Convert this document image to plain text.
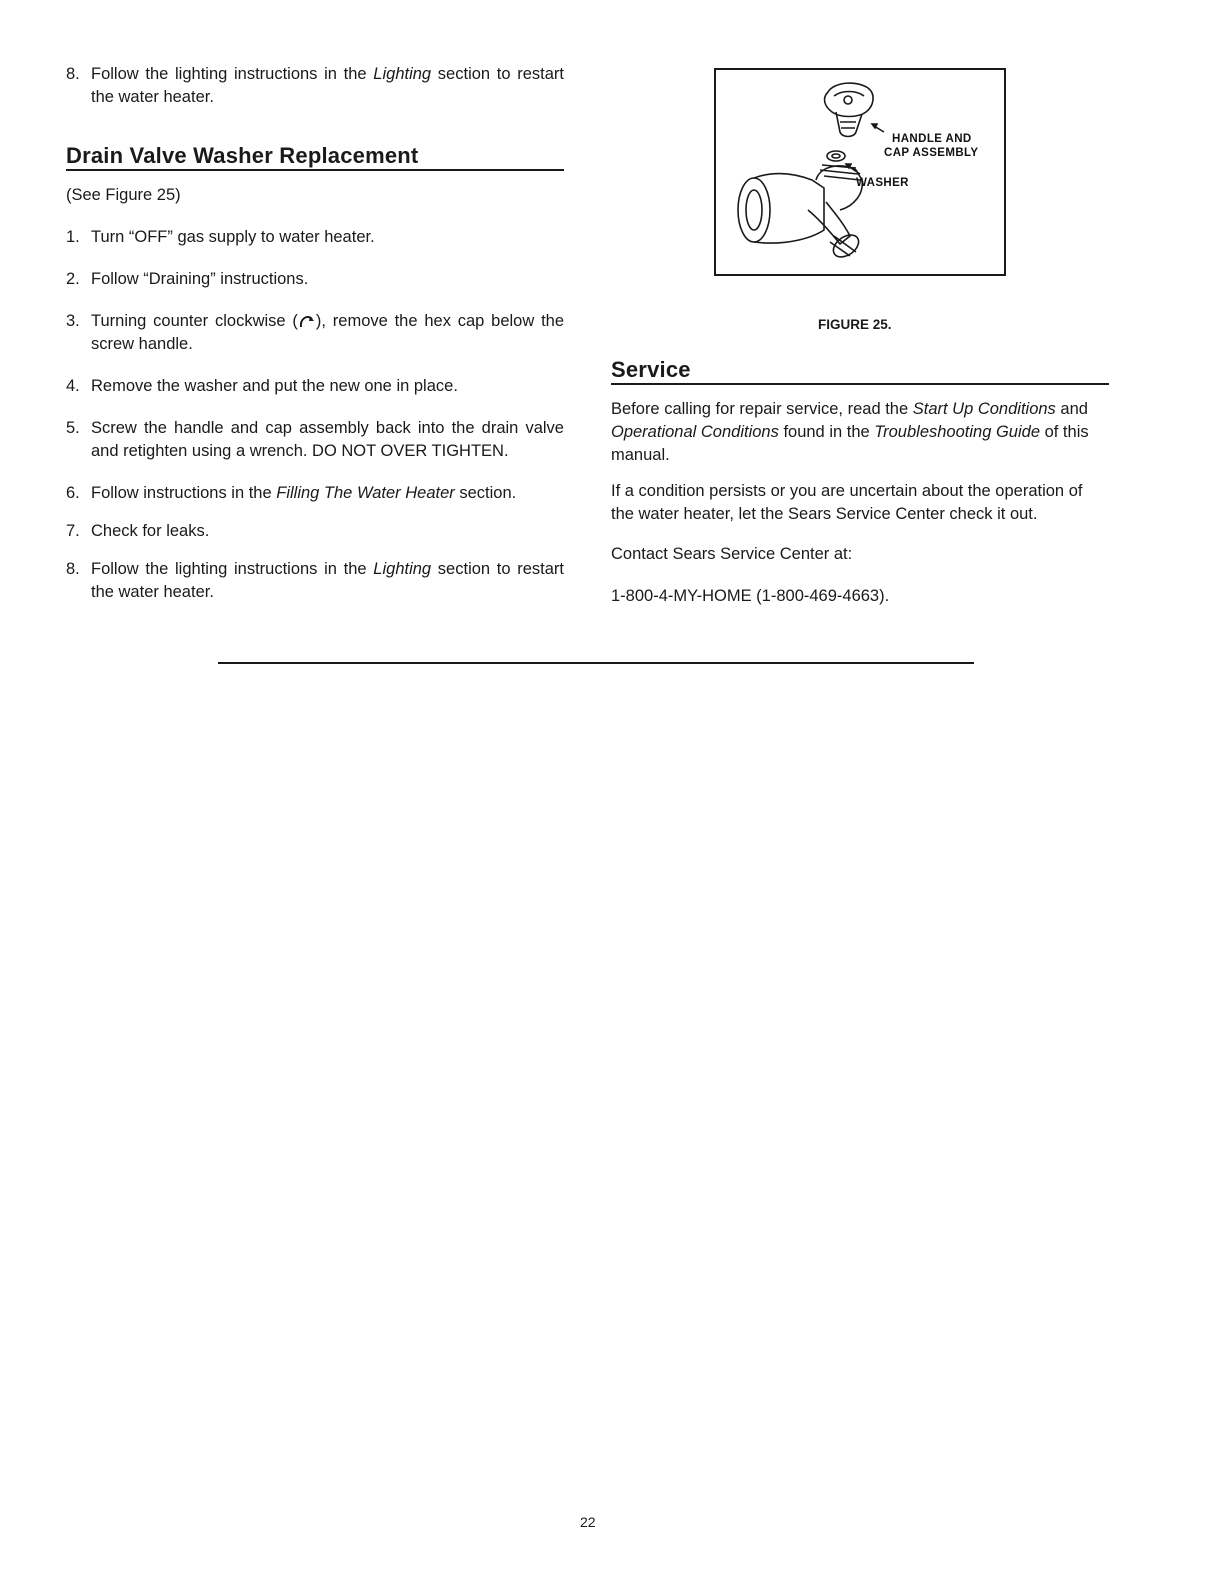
8. Follow the lighting instructions in the Lighting section to restart the water heater.

Drain Valve Washer Replacement

(See Figure 25)

1. Turn “OFF” gas supply to water heater.

2. Follow “Draining” instructions.

3. Turning counter clockwise ( ), remove the hex cap below the screw handle.

4. Remove the washer and put the new one in place.

5. Screw the handle and cap assembly back into the drain valve and retighten using a wrench. DO NOT OVER TIGHTEN.

6. Follow instructions in the Filling The Water Heater section.

7. Check for leaks.

8. Follow the lighting instructions in the Lighting section to restart the water heater.

HANDLE AND
CAP ASSEMBLY
WASHER
FIGURE 25.
Service

Before calling for repair service, read the Start Up Conditions and Operational Conditions found in the Troubleshooting Guide of this manual.

If a condition persists or you are uncertain about the operation of the water heater, let the Sears Service Center check it out.

Contact Sears Service Center at:

1-800-4-MY-HOME (1-800-469-4663).

22
